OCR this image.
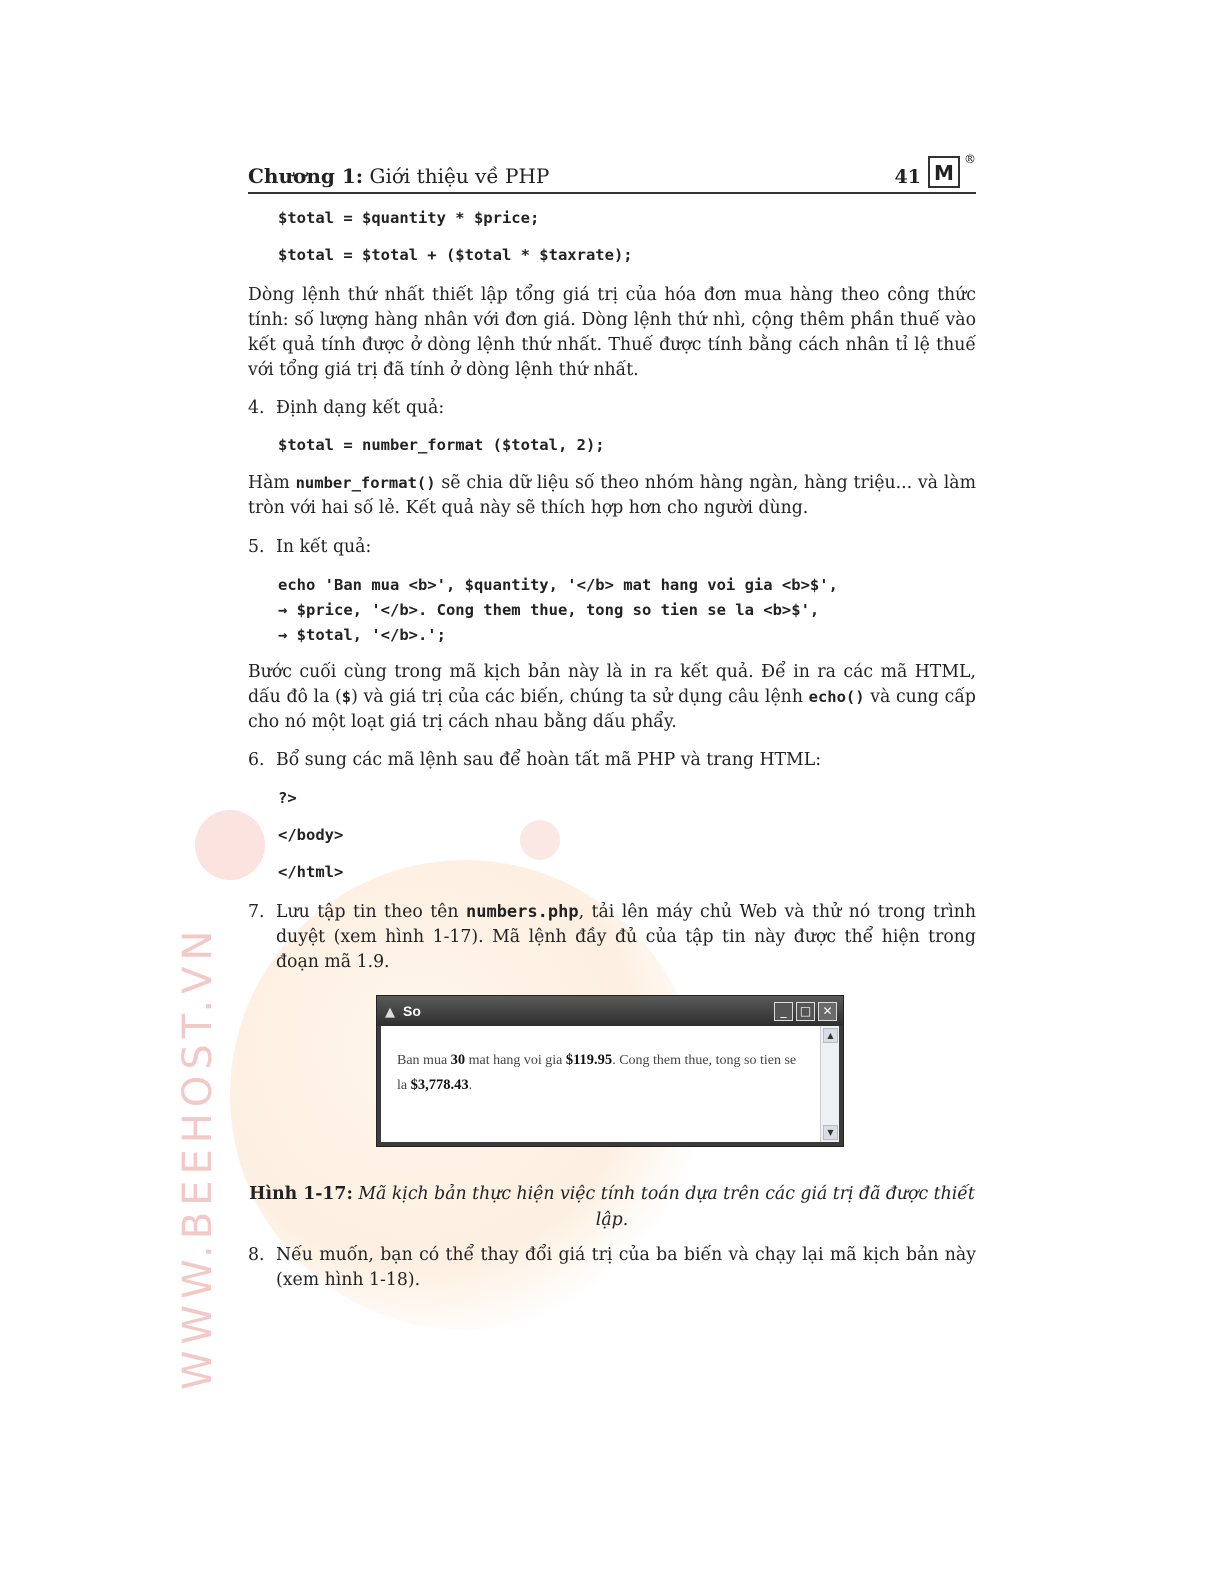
WWW.BEEHOST.VN
Chương 1: Giới thiệu về PHP	41 M
®
$total = $quantity * $price;
$total = $total + ($total * $taxrate);
Dòng lệnh thứ nhất thiết lập tổng giá trị của hóa đơn mua hàng theo công thức tính: số lượng hàng nhân với đơn giá. Dòng lệnh thứ nhì, cộng thêm phần thuế vào kết quả tính được ở dòng lệnh thứ nhất. Thuế được tính bằng cách nhân tỉ lệ thuế với tổng giá trị đã tính ở dòng lệnh thứ nhất.
4. Định dạng kết quả:
$total = number_format ($total, 2);
Hàm number_format() sẽ chia dữ liệu số theo nhóm hàng ngàn, hàng triệu... và làm tròn với hai số lẻ. Kết quả này sẽ thích hợp hơn cho người dùng.
5. In kết quả:
echo 'Ban mua <b>', $quantity, '</b> mat hang voi gia <b>$',
→ $price, '</b>. Cong them thue, tong so tien se la <b>$',
→ $total, '</b>.';
Bước cuối cùng trong mã kịch bản này là in ra kết quả. Để in ra các mã HTML, dấu đô la ($) và giá trị của các biến, chúng ta sử dụng câu lệnh echo() và cung cấp cho nó một loạt giá trị cách nhau bằng dấu phẩy.
6. Bổ sung các mã lệnh sau để hoàn tất mã PHP và trang HTML:
?>
</body>
</html>
7. Lưu tập tin theo tên numbers.php, tải lên máy chủ Web và thử nó trong trình duyệt (xem hình 1-17). Mã lệnh đầy đủ của tập tin này được thể hiện trong đoạn mã 1.9.
▲ So	_	□ ✕
Ban mua 30 mat hang voi gia $119.95. Cong them thue, tong so tien se la $3,778.43.
▲
▼
Hình 1-17: Mã kịch bản thực hiện việc tính toán dựa trên các giá trị đã được thiết lập.
8. Nếu muốn, bạn có thể thay đổi giá trị của ba biến và chạy lại mã kịch bản này (xem hình 1-18).
